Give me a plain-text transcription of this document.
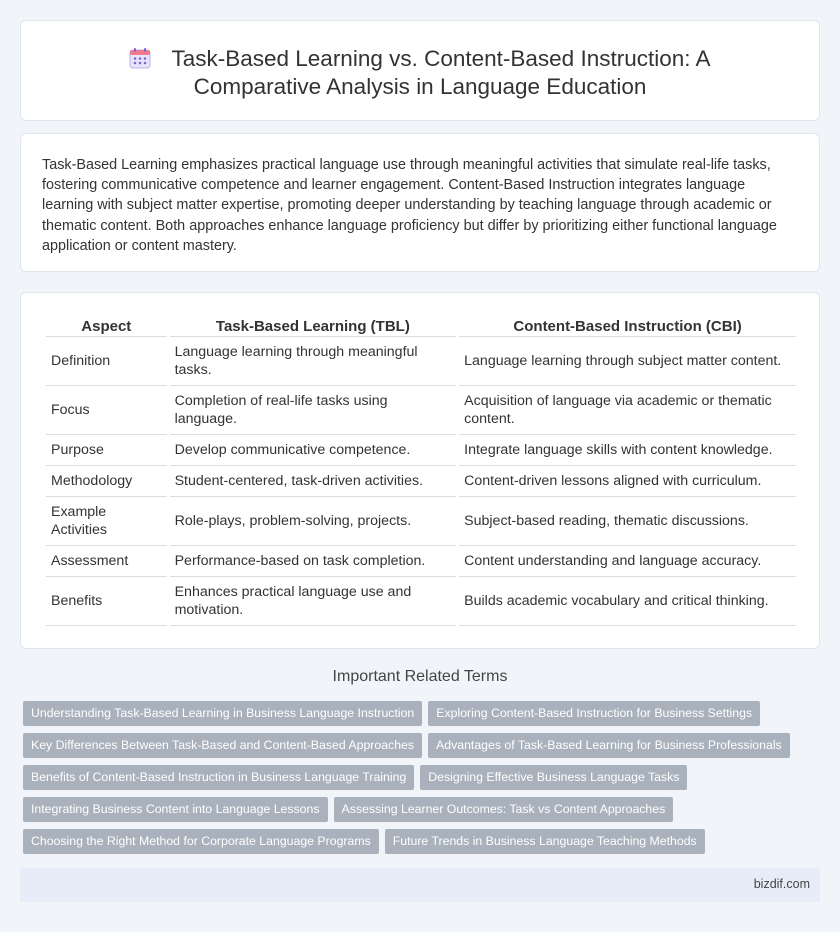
Task-Based Learning vs. Content-Based Instruction: A
Comparative Analysis in Language Education

Task-Based Learning emphasizes practical language use through meaningful activities that simulate real-life tasks, fostering communicative competence and learner engagement. Content-Based Instruction integrates language learning with subject matter expertise, promoting deeper understanding by teaching language through academic or thematic content. Both approaches enhance language proficiency but differ by prioritizing either functional language application or content mastery.

Aspect	Task-Based Learning (TBL)	Content-Based Instruction (CBI)
Definition	Language learning through meaningful tasks.	Language learning through subject matter content.
Focus	Completion of real-life tasks using language.	Acquisition of language via academic or thematic content.
Purpose	Develop communicative competence.	Integrate language skills with content knowledge.
Methodology	Student-centered, task-driven activities.	Content-driven lessons aligned with curriculum.
Example Activities	Role-plays, problem-solving, projects.	Subject-based reading, thematic discussions.
Assessment	Performance-based on task completion.	Content understanding and language accuracy.
Benefits	Enhances practical language use and motivation.	Builds academic vocabulary and critical thinking.
Important Related Terms
Understanding Task-Based Learning in Business Language Instruction Exploring Content-Based Instruction for Business Settings
Key Differences Between Task-Based and Content-Based Approaches Advantages of Task-Based Learning for Business Professionals
Benefits of Content-Based Instruction in Business Language Training Designing Effective Business Language Tasks
Integrating Business Content into Language Lessons Assessing Learner Outcomes: Task vs Content Approaches
Choosing the Right Method for Corporate Language Programs Future Trends in Business Language Teaching Methods
bizdif.com
